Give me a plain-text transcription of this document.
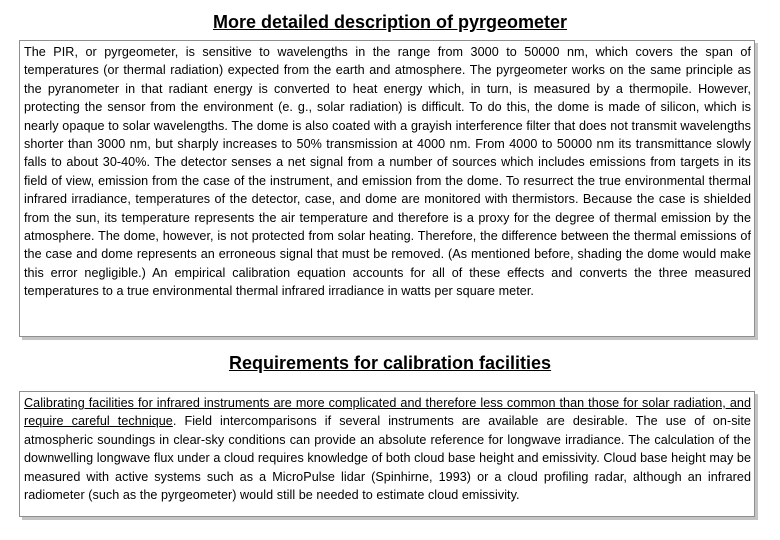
More detailed description of pyrgeometer

The PIR, or pyrgeometer, is sensitive to wavelengths in the range from 3000 to 50000 nm, which covers the span of temperatures (or thermal radiation) expected from the earth and atmosphere. The pyrgeometer works on the same principle as the pyranometer in that radiant energy is converted to heat energy which, in turn, is measured by a thermopile. However, protecting the sensor from the environment (e. g., solar radiation) is difficult. To do this, the dome is made of silicon, which is nearly opaque to solar wavelengths. The dome is also coated with a grayish interference filter that does not transmit wavelengths shorter than 3000 nm, but sharply increases to 50% transmission at 4000 nm. From 4000 to 50000 nm its transmittance slowly falls to about 30-40%. The detector senses a net signal from a number of sources which includes emissions from targets in its field of view, emission from the case of the instrument, and emission from the dome. To resurrect the true environmental thermal infrared irradiance, temperatures of the detector, case, and dome are monitored with thermistors. Because the case is shielded from the sun, its temperature represents the air temperature and therefore is a proxy for the degree of thermal emission by the atmosphere. The dome, however, is not protected from solar heating. Therefore, the difference between the thermal emissions of the case and dome represents an erroneous signal that must be removed. (As mentioned before, shading the dome would make this error negligible.) An empirical calibration equation accounts for all of these effects and converts the three measured temperatures to a true environmental thermal infrared irradiance in watts per square meter.

Requirements for calibration facilities

Calibrating facilities for infrared instruments are more complicated and therefore less common than those for solar radiation, and require careful technique. Field intercomparisons if several instruments are available are desirable. The use of on-site atmospheric soundings in clear-sky conditions can provide an absolute reference for longwave irradiance. The calculation of the downwelling longwave flux under a cloud requires knowledge of both cloud base height and emissivity. Cloud base height may be measured with active systems such as a MicroPulse lidar (Spinhirne, 1993) or a cloud profiling radar, although an infrared radiometer (such as the pyrgeometer) would still be needed to estimate cloud emissivity.
